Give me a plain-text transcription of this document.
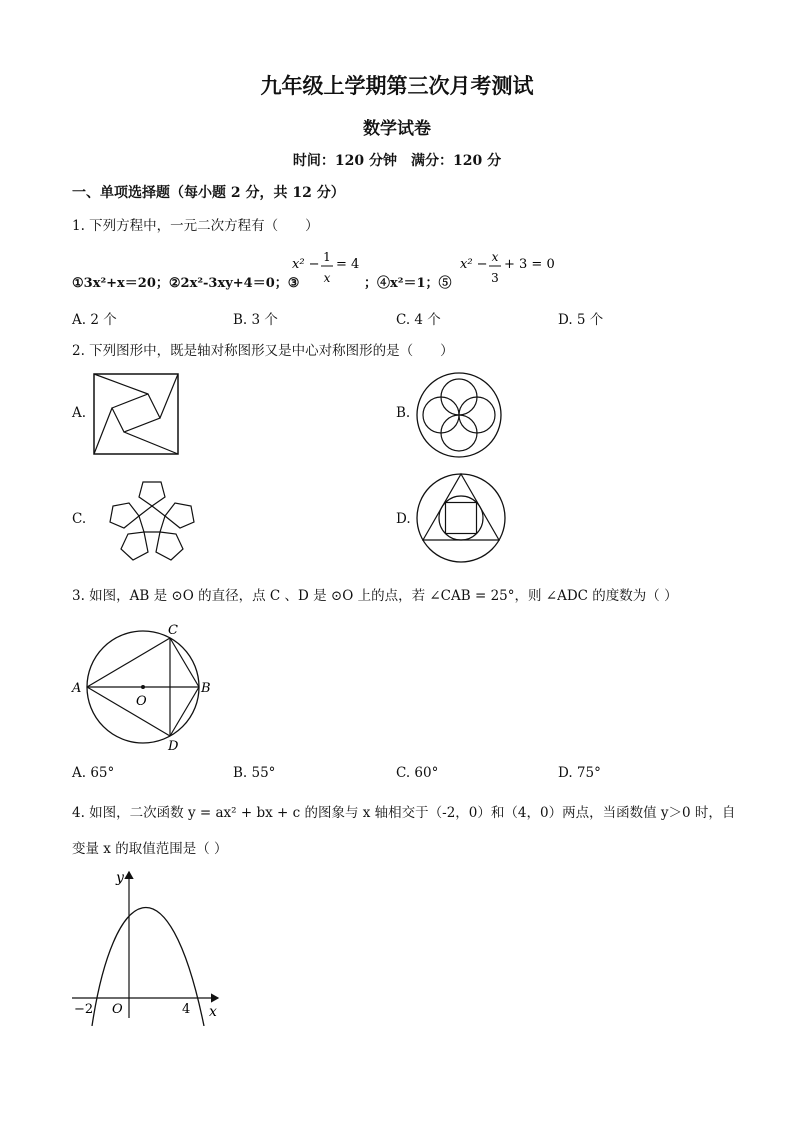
九年级上学期第三次月考测试
数学试卷
时间：120 分钟　满分：120 分
一、单项选择题（每小题 2 分，共 12 分）
1. 下列方程中，一元二次方程有（　　）
①3x²+x＝20；②2x²-3xy+4＝0；③
x² − 1
x
= 4
；④x²＝1；⑤
x² − x
3
+ 3 = 0
A. 2 个	B. 3 个	C. 4 个	D. 5 个
2. 下列图形中，既是轴对称图形又是中心对称图形的是（　　）
A.	B.
C.	D.
3. 如图，AB 是 ⊙O 的直径，点 C 、D 是 ⊙O 上的点，若 ∠CAB = 25°，则 ∠ADC 的度数为（ ）
A	B
C
D
O
A. 65°	B. 55°	C. 60°	D. 75°
4. 如图，二次函数 y = ax² + bx + c 的图象与 x 轴相交于（-2，0）和（4，0）两点，当函数值 y＞0 时，自
变量 x 的取值范围是（ ）
y
x
O
−2	4
